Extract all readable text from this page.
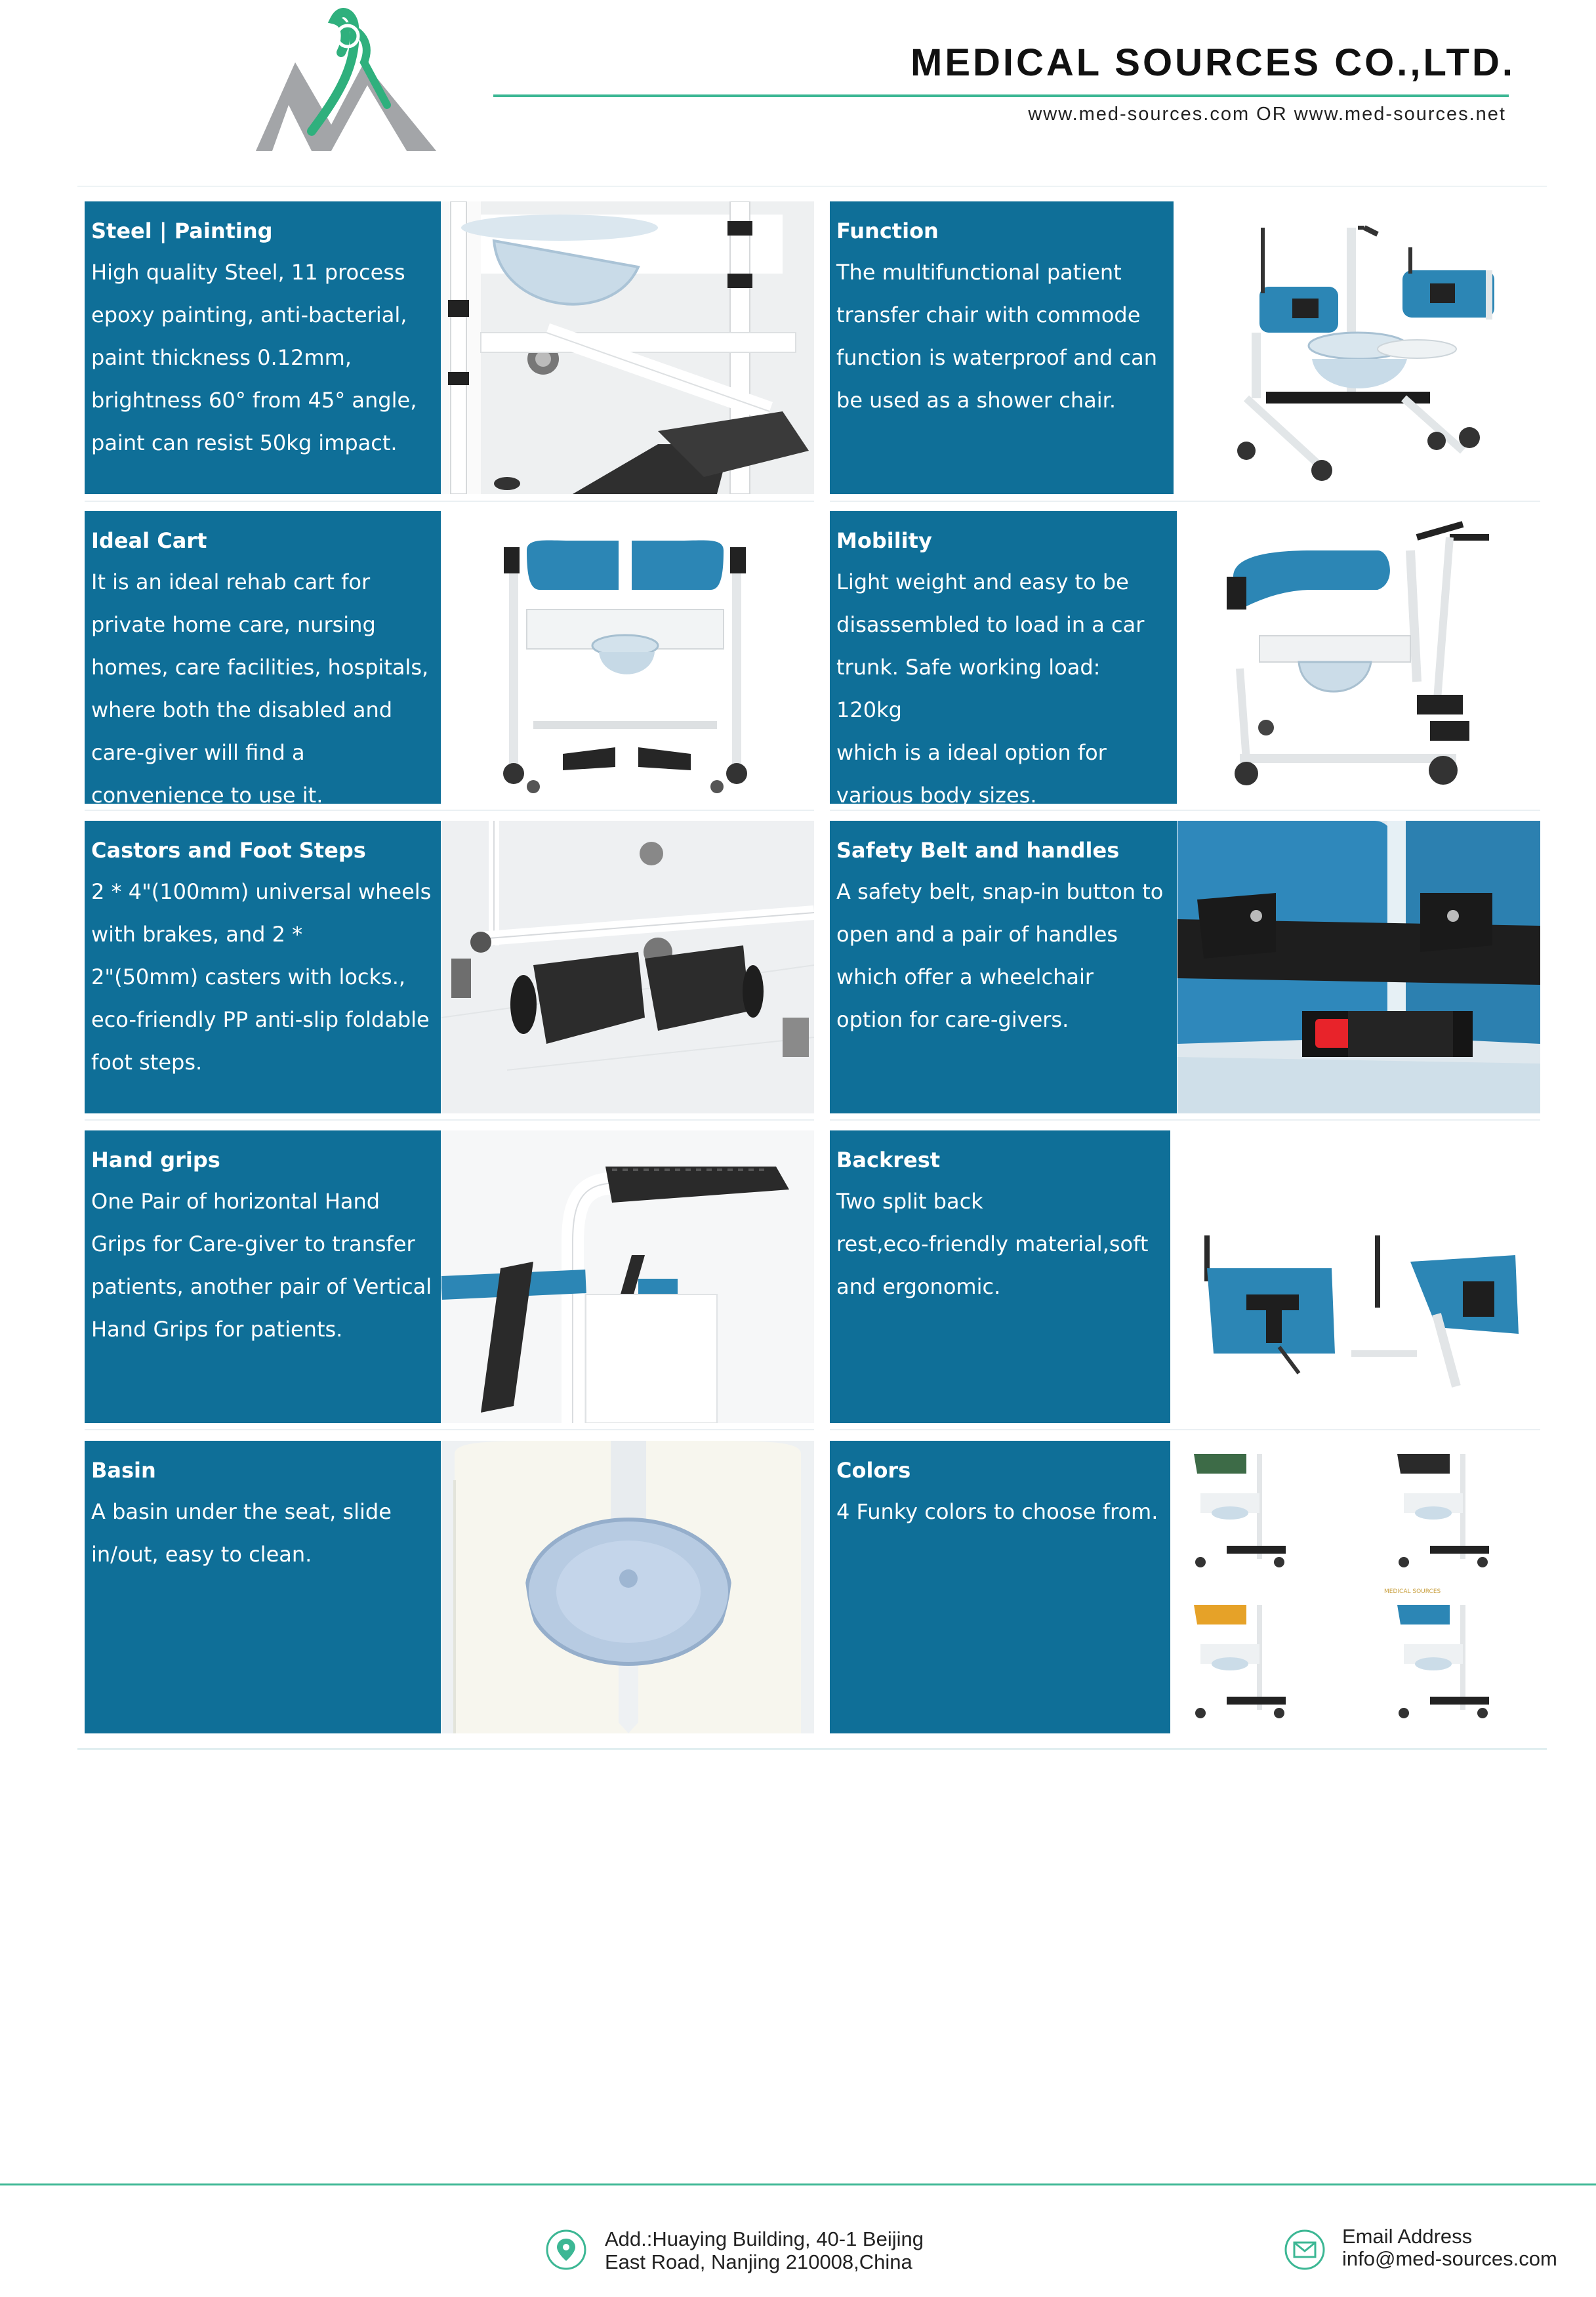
MEDICAL SOURCES CO.,LTD.
www.med-sources.com OR www.med-sources.net
Steel | Painting
High quality Steel, 11 process
epoxy painting, anti-bacterial,
paint thickness 0.12mm,
brightness 60° from 45° angle,
paint can resist 50kg impact.
Function
The multifunctional patient
transfer chair with commode
function is waterproof and can
be used as a shower chair.
Ideal Cart
It is an ideal rehab cart for
private home care, nursing
homes, care facilities, hospitals,
where both the disabled and
care-giver will find a
convenience to use it.
Mobility
Light weight and easy to be
disassembled to load in a car
trunk. Safe working load: 120kg
which is a ideal option for
various body sizes.
Castors and Foot Steps
2 * 4"(100mm) universal wheels
with brakes, and 2 *
2"(50mm) casters with locks.,
eco-friendly PP anti-slip foldable
foot steps.
Safety Belt and handles
A safety belt, snap-in button to
open and a pair of handles
which offer a wheelchair
option for care-givers.
Hand grips
One Pair of horizontal Hand
Grips for Care-giver to transfer
patients, another pair of Vertical
Hand Grips for patients.
Backrest
Two split back
rest,eco-friendly material,soft
and ergonomic.
Basin
A basin under the seat, slide
in/out, easy to clean.
Colors
4 Funky colors to choose from.
MEDICAL SOURCES
Add.:Huaying Building, 40-1 Beijing
East Road, Nanjing 210008,China
Email Address
info@med-sources.com
